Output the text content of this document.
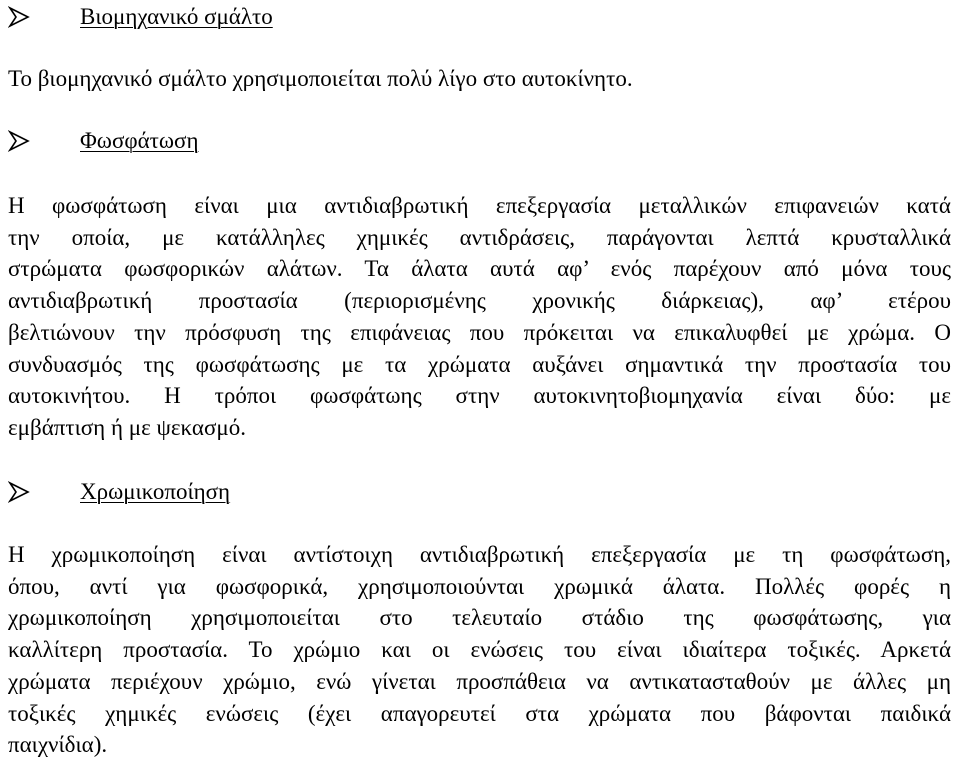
Βιομηχανικό σμάλτο

Το βιομηχανικό σμάλτο χρησιμοποιείται πολύ λίγο στο αυτοκίνητο.

Φωσφάτωση

Η φωσφάτωση είναι μια αντιδιαβρωτική επεξεργασία μεταλλικών επιφανειών κατά
την οποία, με κατάλληλες χημικές αντιδράσεις, παράγονται λεπτά κρυσταλλικά
στρώματα φωσφορικών αλάτων. Τα άλατα αυτά αφ’ ενός παρέχουν από μόνα τους
αντιδιαβρωτική προστασία (περιορισμένης χρονικής διάρκειας), αφ’ ετέρου
βελτιώνουν την πρόσφυση της επιφάνειας που πρόκειται να επικαλυφθεί με χρώμα. Ο
συνδυασμός της φωσφάτωσης με τα χρώματα αυξάνει σημαντικά την προστασία του
αυτοκινήτου. Η τρόποι φωσφάτωης στην αυτοκινητοβιομηχανία είναι δύο: με
εμβάπτιση ή με ψεκασμό.

Χρωμικοποίηση

Η χρωμικοποίηση είναι αντίστοιχη αντιδιαβρωτική επεξεργασία με τη φωσφάτωση,
όπου, αντί για φωσφορικά, χρησιμοποιούνται χρωμικά άλατα. Πολλές φορές η
χρωμικοποίηση χρησιμοποιείται στο τελευταίο στάδιο της φωσφάτωσης, για
καλλίτερη προστασία. Το χρώμιο και οι ενώσεις του είναι ιδιαίτερα τοξικές. Αρκετά
χρώματα περιέχουν χρώμιο, ενώ γίνεται προσπάθεια να αντικατασταθούν με άλλες μη
τοξικές χημικές ενώσεις (έχει απαγορευτεί στα χρώματα που βάφονται παιδικά
παιχνίδια).
